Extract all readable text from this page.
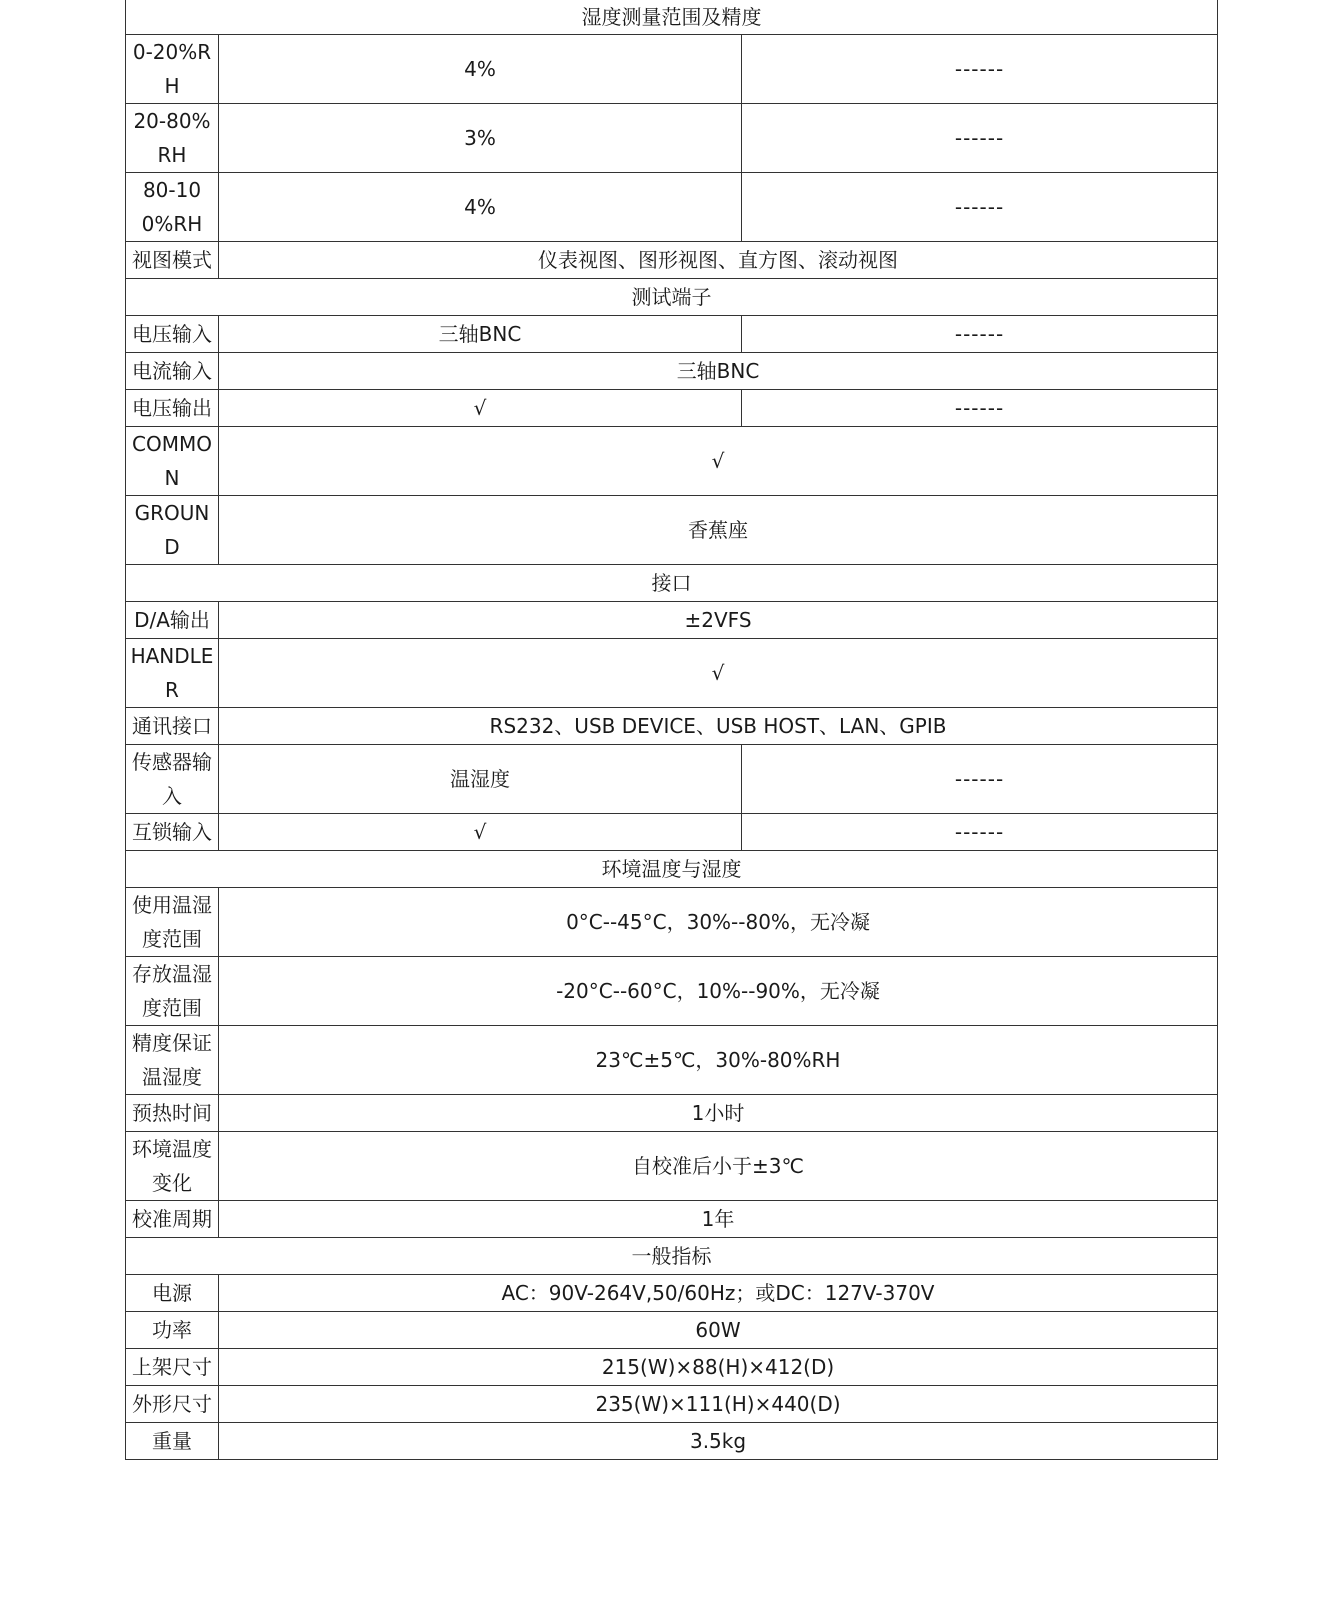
湿度测量范围及精度		
0-20%RH	4%	------
20-80%RH	3%	------
80-100%RH	4%	------
视图模式	仪表视图、图形视图、直方图、滚动视图	
测试端子		
电压输入	三轴BNC	------
电流输入	三轴BNC	
电压输出	√	------
COMMON	√	
GROUND	香蕉座	
接口		
D/A输出	±2VFS	
HANDLER	√	
通讯接口	RS232、USB DEVICE、USB HOST、LAN、GPIB	
传感器输入	温湿度	------
互锁输入	√	------
环境温度与湿度		
使用温湿度范围	0°C--45°C，30%--80%，无冷凝	
存放温湿度范围	-20°C--60°C，10%--90%，无冷凝	
精度保证温湿度	23℃±5℃，30%-80%RH	
预热时间	1小时	
环境温度变化	自校准后小于±3℃	
校准周期	1年	
一般指标		
电源	AC：90V-264V,50/60Hz；或DC：127V-370V	
功率	60W	
上架尺寸	215(W)×88(H)×412(D)	
外形尺寸	235(W)×111(H)×440(D)	
重量	3.5kg	
